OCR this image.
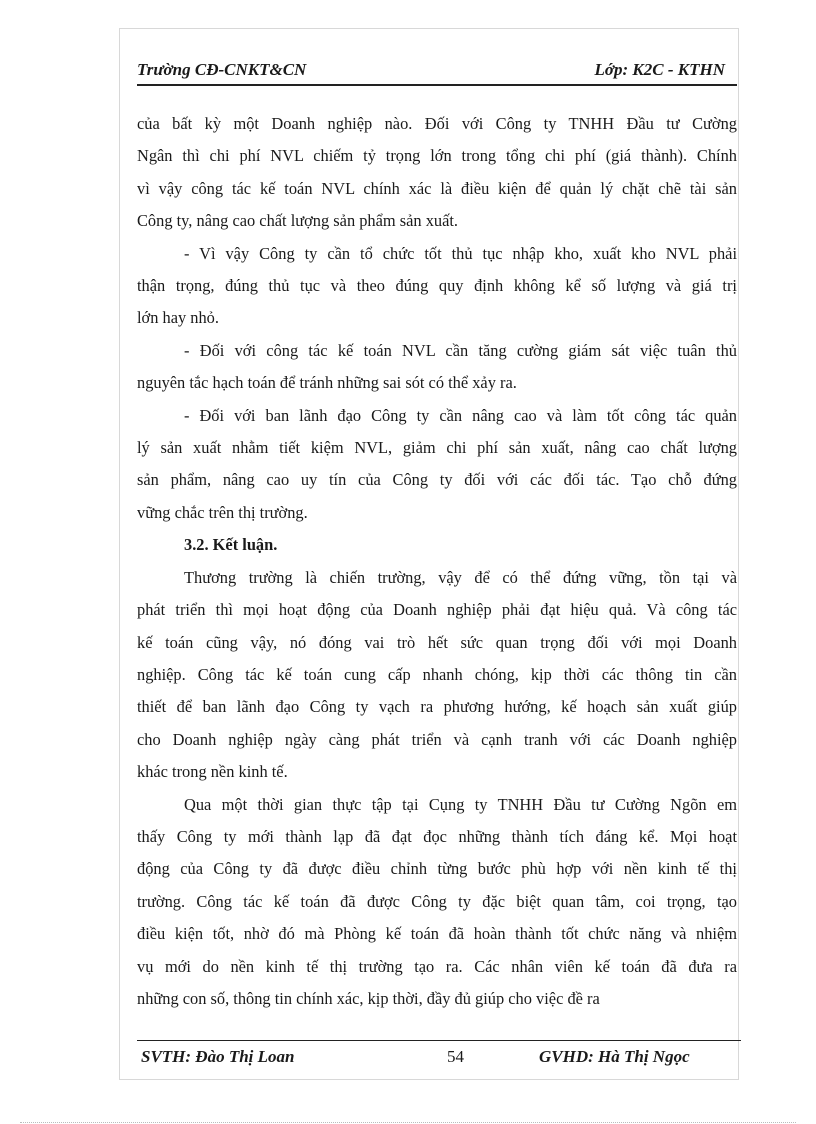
Trường CĐ-CNKT&CN	Lớp: K2C - KTHN

của bất kỳ một Doanh nghiệp nào. Đối với Công ty TNHH Đầu tư Cường

Ngân thì chi phí NVL chiếm tỷ trọng lớn trong tổng chi phí (giá thành). Chính

vì vậy công tác kế toán NVL chính xác là điều kiện để quản lý chặt chẽ tài sản

Công ty, nâng cao chất lượng sản phẩm sản xuất.

- Vì vậy Công ty cần tổ chức tốt thủ tục nhập kho, xuất kho NVL phải

thận trọng, đúng thủ tục và theo đúng quy định không kể số lượng và giá trị

lớn hay nhỏ.

- Đối với công tác kế toán NVL cần tăng cường giám sát việc tuân thủ

nguyên tắc hạch toán để tránh những sai sót có thể xảy ra.

- Đối với ban lãnh đạo Công ty cần nâng cao và làm tốt công tác quản

lý sản xuất nhằm tiết kiệm NVL, giảm chi phí sản xuất, nâng cao chất lượng

sản phẩm, nâng cao uy tín của Công ty đối với các đối tác. Tạo chỗ đứng

vững chắc trên thị trường.

3.2. Kết luận.

Thương trường là chiến trường, vậy để có thể đứng vững, tồn tại và

phát triển thì mọi hoạt động của Doanh nghiệp phải đạt hiệu quả. Và công tác

kế toán cũng vậy, nó đóng vai trò hết sức quan trọng đối với mọi Doanh

nghiệp. Công tác kế toán cung cấp nhanh chóng, kịp thời các thông tin cần

thiết để ban lãnh đạo Công ty vạch ra phương hướng, kế hoạch sản xuất giúp

cho Doanh nghiệp ngày càng phát triển và cạnh tranh với các Doanh nghiệp

khác trong nền kinh tế.

Qua một thời gian thực tập tại Cụng ty TNHH Đầu tư Cường Ngõn em

thấy Công ty mới thành lạp đã đạt đọc những thành tích đáng kể. Mọi hoạt

động của Công ty đã được điều chỉnh từng bước phù hợp với nền kinh tế thị

trường. Công tác kế toán đã được Công ty đặc biệt quan tâm, coi trọng, tạo

điều kiện tốt, nhờ đó mà Phòng kế toán đã hoàn thành tốt chức năng và nhiệm

vụ mới do nền kinh tế thị trường tạo ra. Các nhân viên kế toán đã đưa ra

những con số, thông tin chính xác, kịp thời, đầy đủ giúp cho việc đề ra

SVTH: Đào Thị Loan	54	GVHD: Hà Thị Ngọc
